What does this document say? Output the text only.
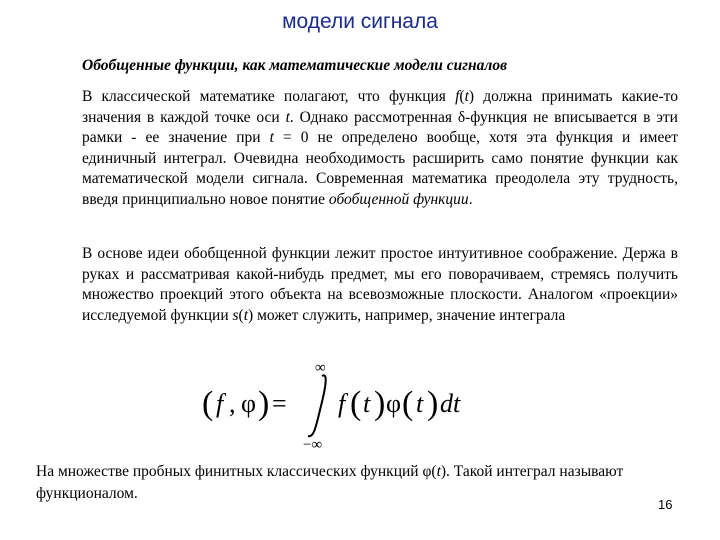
модели сигнала
Обобщенные функции, как математические модели сигналов

В классической математике полагают, что функция f(t) должна принимать какие-то значения в каждой точке оси t. Однако рассмотренная δ-функция не вписывается в эти рамки - ее значение при t = 0 не определено вообще, хотя эта функция и имеет единичный интеграл. Очевидна необходимость расширить само понятие функции как математической модели сигнала. Современная математика преодолела эту трудность, введя принципиально новое понятие обобщенной функции.

В основе идеи обобщенной функции лежит простое интуитивное соображение. Держа в руках и рассматривая какой-нибудь предмет, мы его поворачиваем, стремясь получить множество проекций этого объекта на всевозможные плоскости. Аналогом «проекции» исследуемой функции s(t) может служить, например, значение интеграла

( f , φ ) =
∞
−∞
f ( t ) φ ( t ) dt

На множестве пробных финитных классических функций φ(t). Такой интеграл называют функционалом.

16
